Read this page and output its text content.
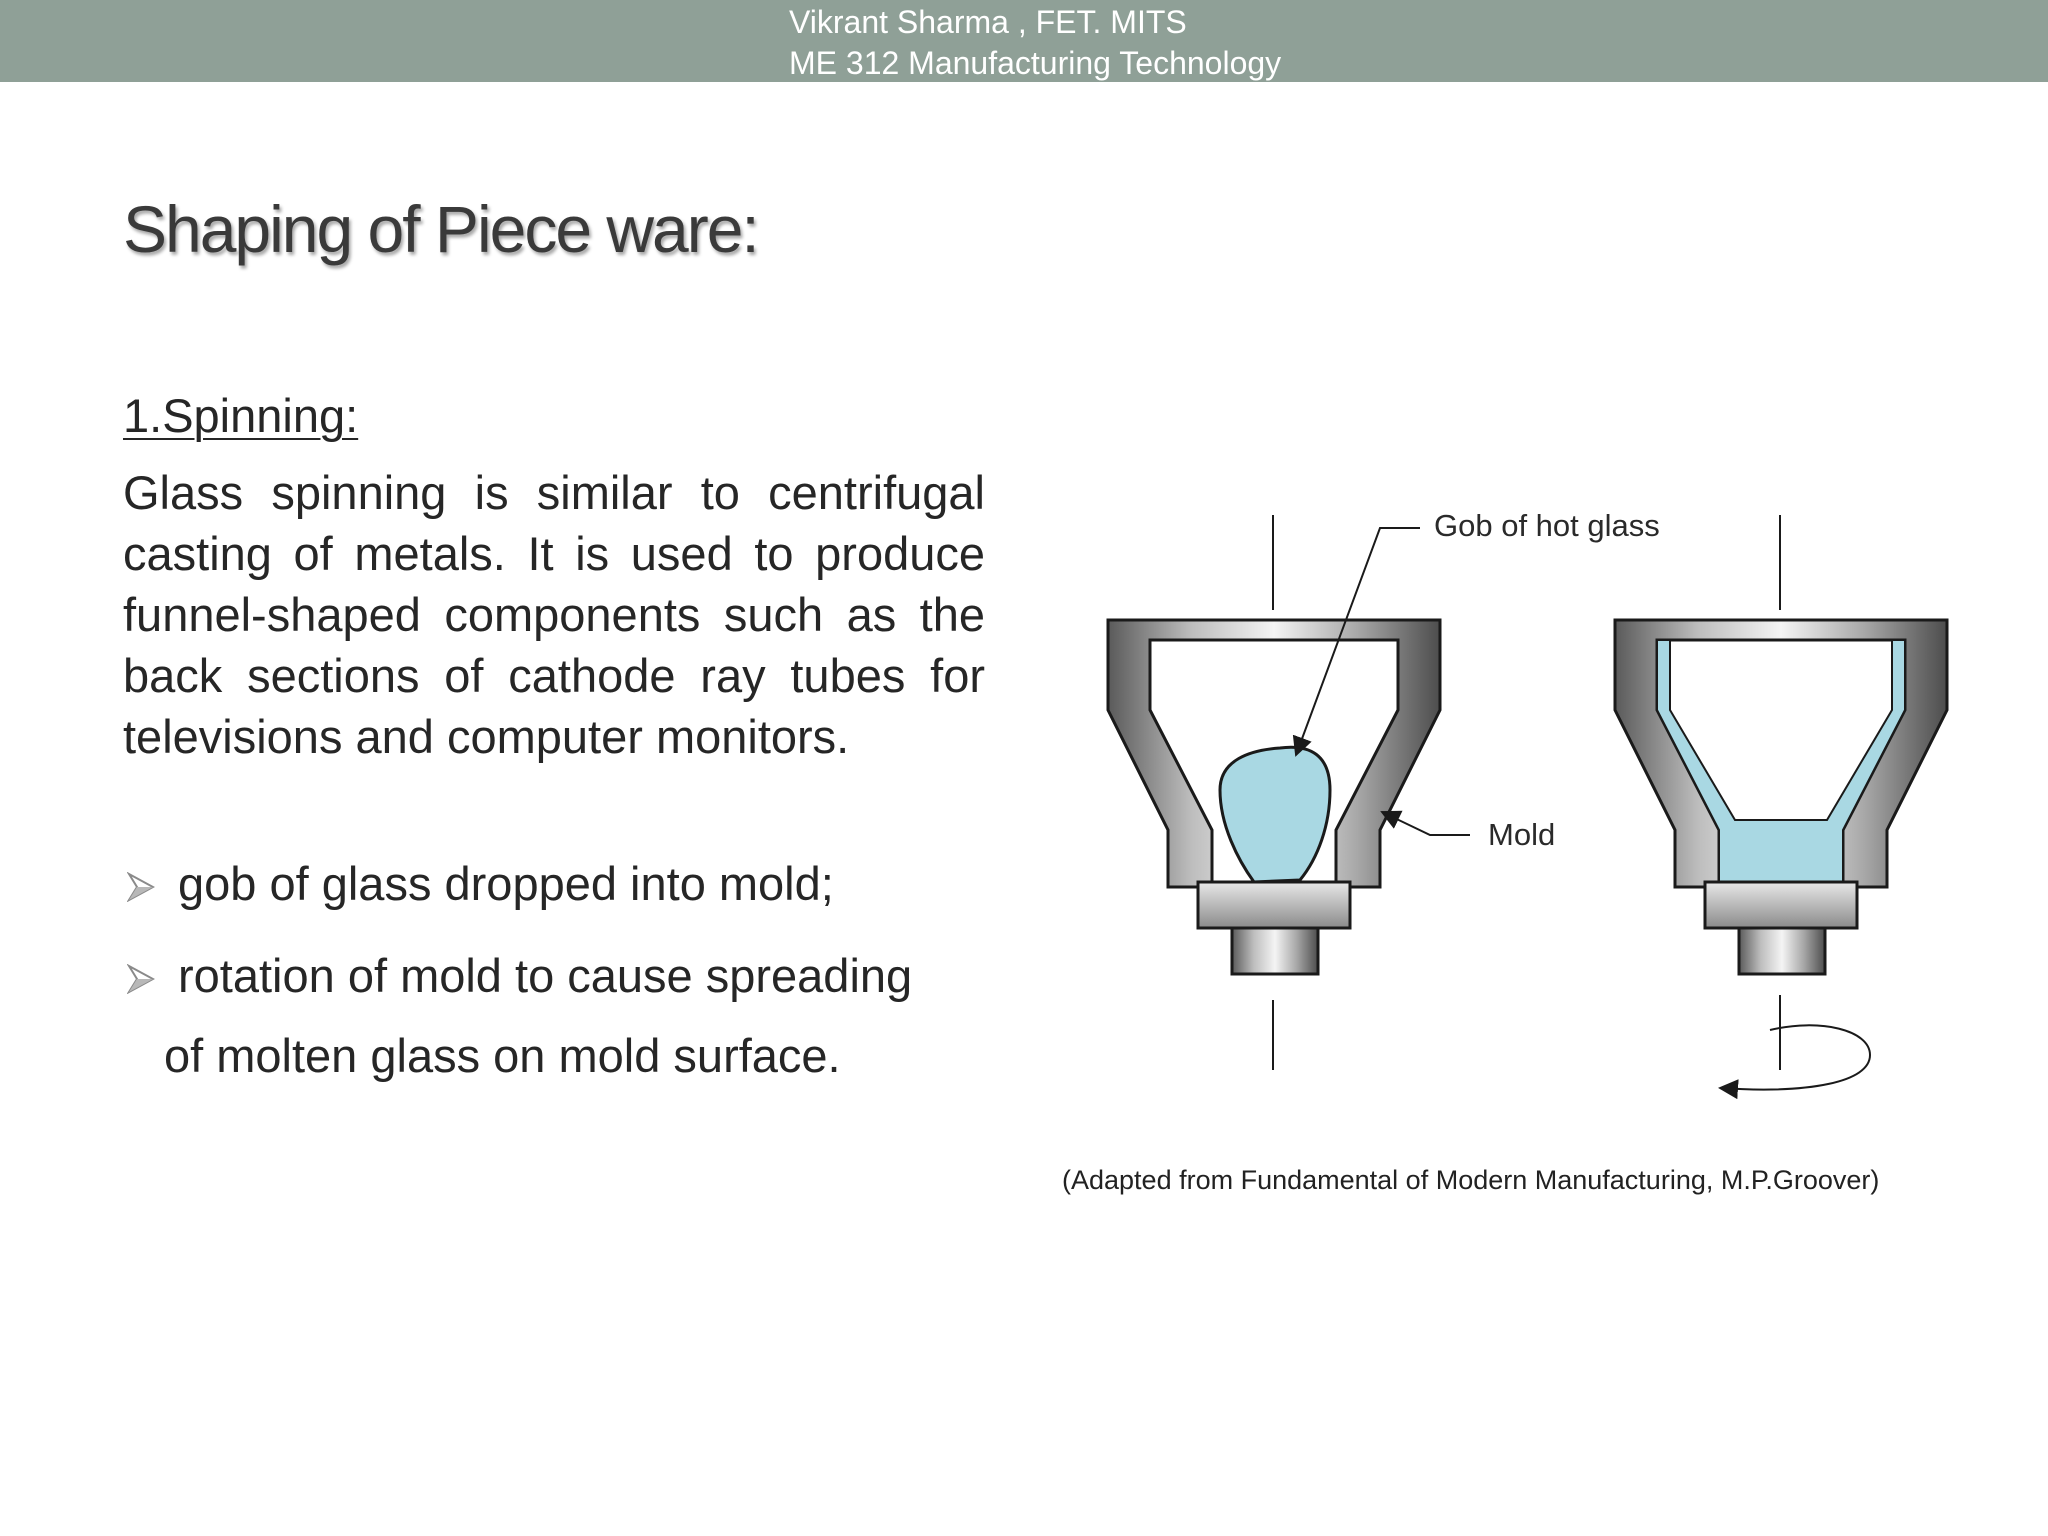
Vikrant Sharma , FET. MITS
ME 312 Manufacturing Technology
Shaping of Piece ware:
1.Spinning:

Glass spinning is similar to centrifugal casting of metals. It is used to produce funnel-shaped components such as the back sections of cathode ray tubes for televisions and computer monitors.

gob of glass dropped into mold;
rotation of mold to cause spreading
of molten glass on mold surface.
Gob of hot glass
Mold
(Adapted from Fundamental of Modern Manufacturing, M.P.Groover)
